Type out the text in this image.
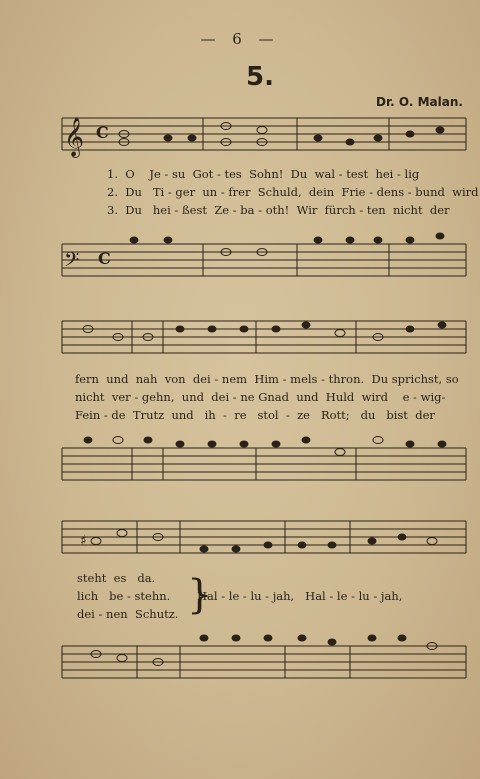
— 6 —
5.
Dr. O. Malan.
𝄞 C
1.  O    Je - su  Got - tes  Sohn!  Du  wal - test  hei - lig
2.  Du   Ti - ger  un - frer  Schuld,  dein  Frie - dens - bund  wird
3.  Du   hei - ßest  Ze - ba - oth!  Wir  fürch - ten  nicht  der
𝄢 C
fern  und  nah  von  dei - nem  Him - mels - thron.  Du sprichst, so
nicht  ver - gehn,  und  dei - ne Gnad  und  Huld  wird    e - wig-
Fein - de  Trutz  und   ih  -  re   stol  -  ze   Rott;   du   bist  der
♯
steht  es   da.
lich   be - stehn.
dei - nen  Schutz. }
Hal - le - lu - jah,   Hal - le - lu - jah,
